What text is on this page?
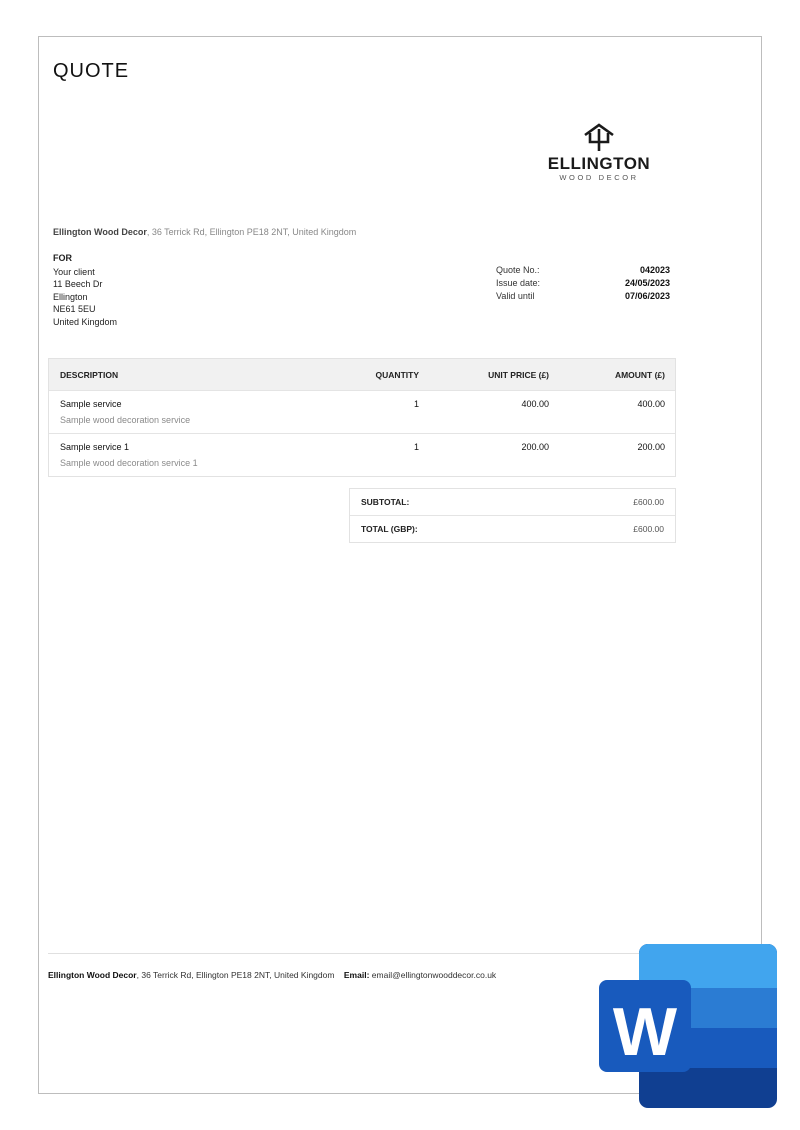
QUOTE
ELLINGTON
WOOD DECOR
Ellington Wood Decor, 36 Terrick Rd, Ellington PE18 2NT, United Kingdom
FOR
Your client
11 Beech Dr
Ellington
NE61 5EU
United Kingdom
Quote No.:	042023
Issue date:	24/05/2023
Valid until	07/06/2023
DESCRIPTION	QUANTITY	UNIT PRICE (£)	AMOUNT (£)
Sample service	1	400.00	400.00
Sample wood decoration service
Sample service 1	1	200.00	200.00
Sample wood decoration service 1
SUBTOTAL:	£600.00
TOTAL (GBP):	£600.00
Ellington Wood Decor, 36 Terrick Rd, Ellington PE18 2NT, United Kingdom Email: email@ellingtonwooddecor.co.uk
W
